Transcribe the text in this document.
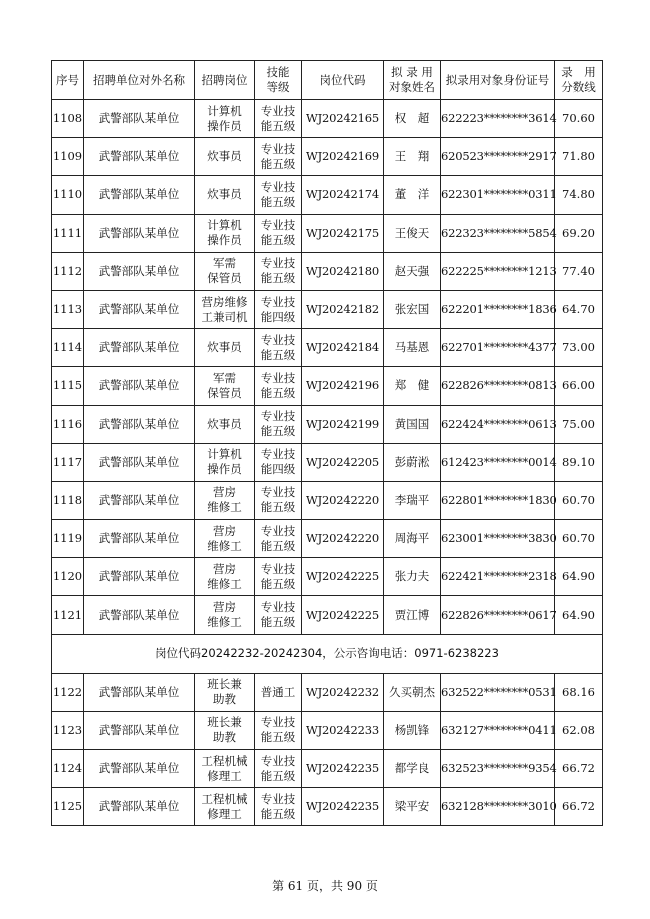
序号	招聘单位对外名称	招聘岗位	技能
等级	岗位代码	拟 录 用
对象姓名	拟录用对象身份证号	录　用
分数线
1108	武警部队某单位	计算机
操作员	专业技
能五级	WJ20242165	权　超	622223********3614	70.60
1109	武警部队某单位	炊事员	专业技
能五级	WJ20242169	王　翔	620523********2917	71.80
1110	武警部队某单位	炊事员	专业技
能五级	WJ20242174	董　洋	622301********0311	74.80
1111	武警部队某单位	计算机
操作员	专业技
能五级	WJ20242175	王俊天	622323********5854	69.20
1112	武警部队某单位	军需
保管员	专业技
能五级	WJ20242180	赵天强	622225********1213	77.40
1113	武警部队某单位	营房维修
工兼司机	专业技
能四级	WJ20242182	张宏国	622201********1836	64.70
1114	武警部队某单位	炊事员	专业技
能五级	WJ20242184	马基恩	622701********4377	73.00
1115	武警部队某单位	军需
保管员	专业技
能五级	WJ20242196	郑　健	622826********0813	66.00
1116	武警部队某单位	炊事员	专业技
能五级	WJ20242199	黄国国	622424********0613	75.00
1117	武警部队某单位	计算机
操作员	专业技
能四级	WJ20242205	彭蔚淞	612423********0014	89.10
1118	武警部队某单位	营房
维修工	专业技
能五级	WJ20242220	李瑞平	622801********1830	60.70
1119	武警部队某单位	营房
维修工	专业技
能五级	WJ20242220	周海平	623001********3830	60.70
1120	武警部队某单位	营房
维修工	专业技
能五级	WJ20242225	张力夫	622421********2318	64.90
1121	武警部队某单位	营房
维修工	专业技
能五级	WJ20242225	贾江博	622826********0617	64.90
岗位代码20242232-20242304，公示咨询电话：0971-6238223							
1122	武警部队某单位	班长兼
助教	普通工	WJ20242232	久买朝杰	632522********0531	68.16
1123	武警部队某单位	班长兼
助教	专业技
能五级	WJ20242233	杨凯锋	632127********0411	62.08
1124	武警部队某单位	工程机械
修理工	专业技
能五级	WJ20242235	都学良	632523********9354	66.72
1125	武警部队某单位	工程机械
修理工	专业技
能五级	WJ20242235	梁平安	632128********3010	66.72
第 61 页，共 90 页
